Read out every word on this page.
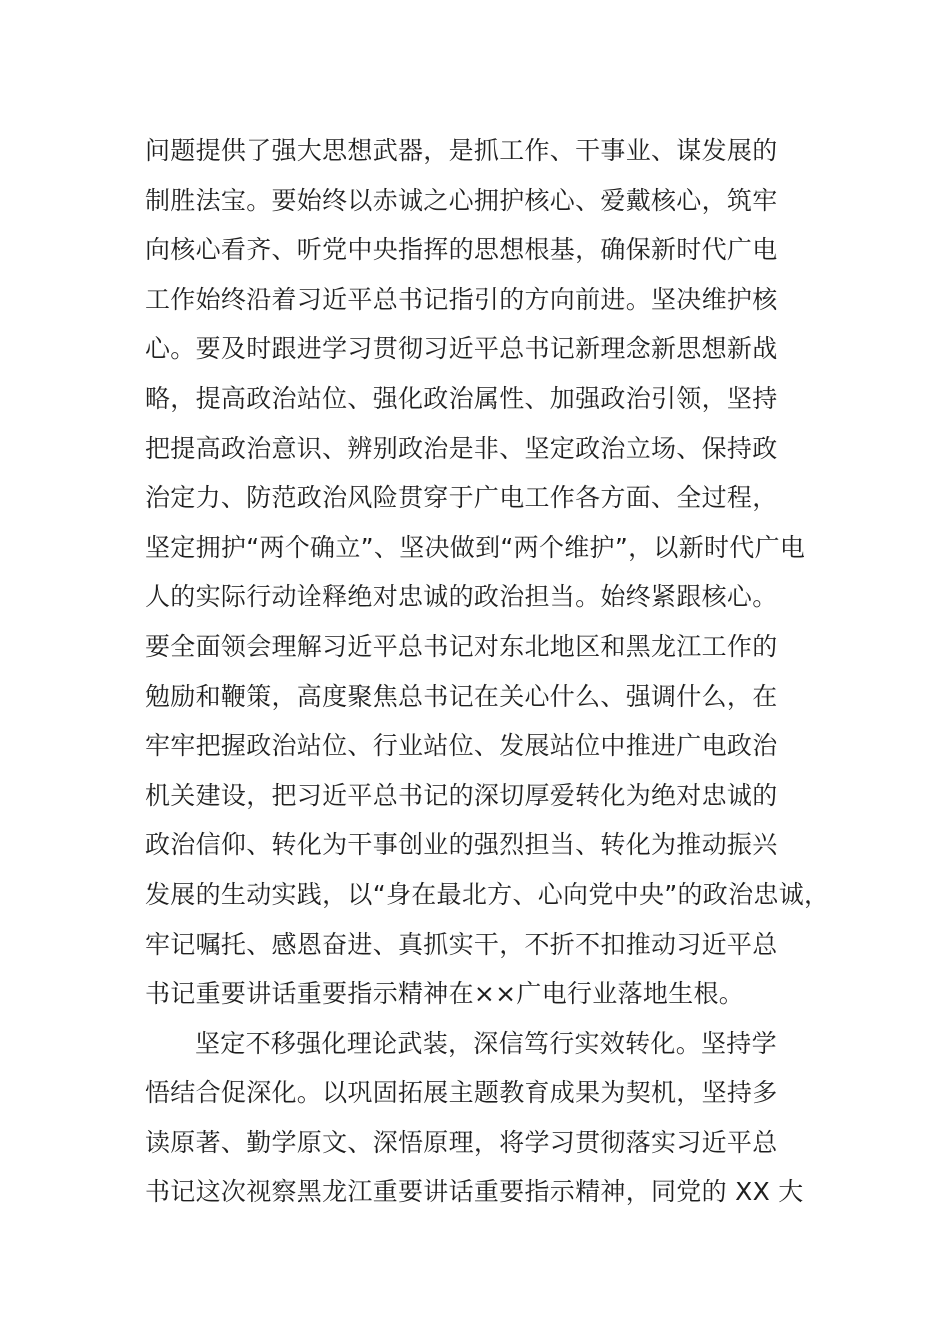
问题提供了强大思想武器，是抓工作、干事业、谋发展的
制胜法宝。要始终以赤诚之心拥护核心、爱戴核心，筑牢
向核心看齐、听党中央指挥的思想根基，确保新时代广电
工作始终沿着习近平总书记指引的方向前进。坚决维护核
心。要及时跟进学习贯彻习近平总书记新理念新思想新战
略，提高政治站位、强化政治属性、加强政治引领，坚持
把提高政治意识、辨别政治是非、坚定政治立场、保持政
治定力、防范政治风险贯穿于广电工作各方面、全过程，
坚定拥护“两个确立”、坚决做到“两个维护”，以新时代广电
人的实际行动诠释绝对忠诚的政治担当。始终紧跟核心。
要全面领会理解习近平总书记对东北地区和黑龙江工作的
勉励和鞭策，高度聚焦总书记在关心什么、强调什么，在
牢牢把握政治站位、行业站位、发展站位中推进广电政治
机关建设，把习近平总书记的深切厚爱转化为绝对忠诚的
政治信仰、转化为干事创业的强烈担当、转化为推动振兴
发展的生动实践，以“身在最北方、心向党中央”的政治忠诚，
牢记嘱托、感恩奋进、真抓实干，不折不扣推动习近平总
书记重要讲话重要指示精神在××广电行业落地生根。
坚定不移强化理论武装，深信笃行实效转化。坚持学
悟结合促深化。以巩固拓展主题教育成果为契机，坚持多
读原著、勤学原文、深悟原理，将学习贯彻落实习近平总
书记这次视察黑龙江重要讲话重要指示精神，同党的 XX 大
